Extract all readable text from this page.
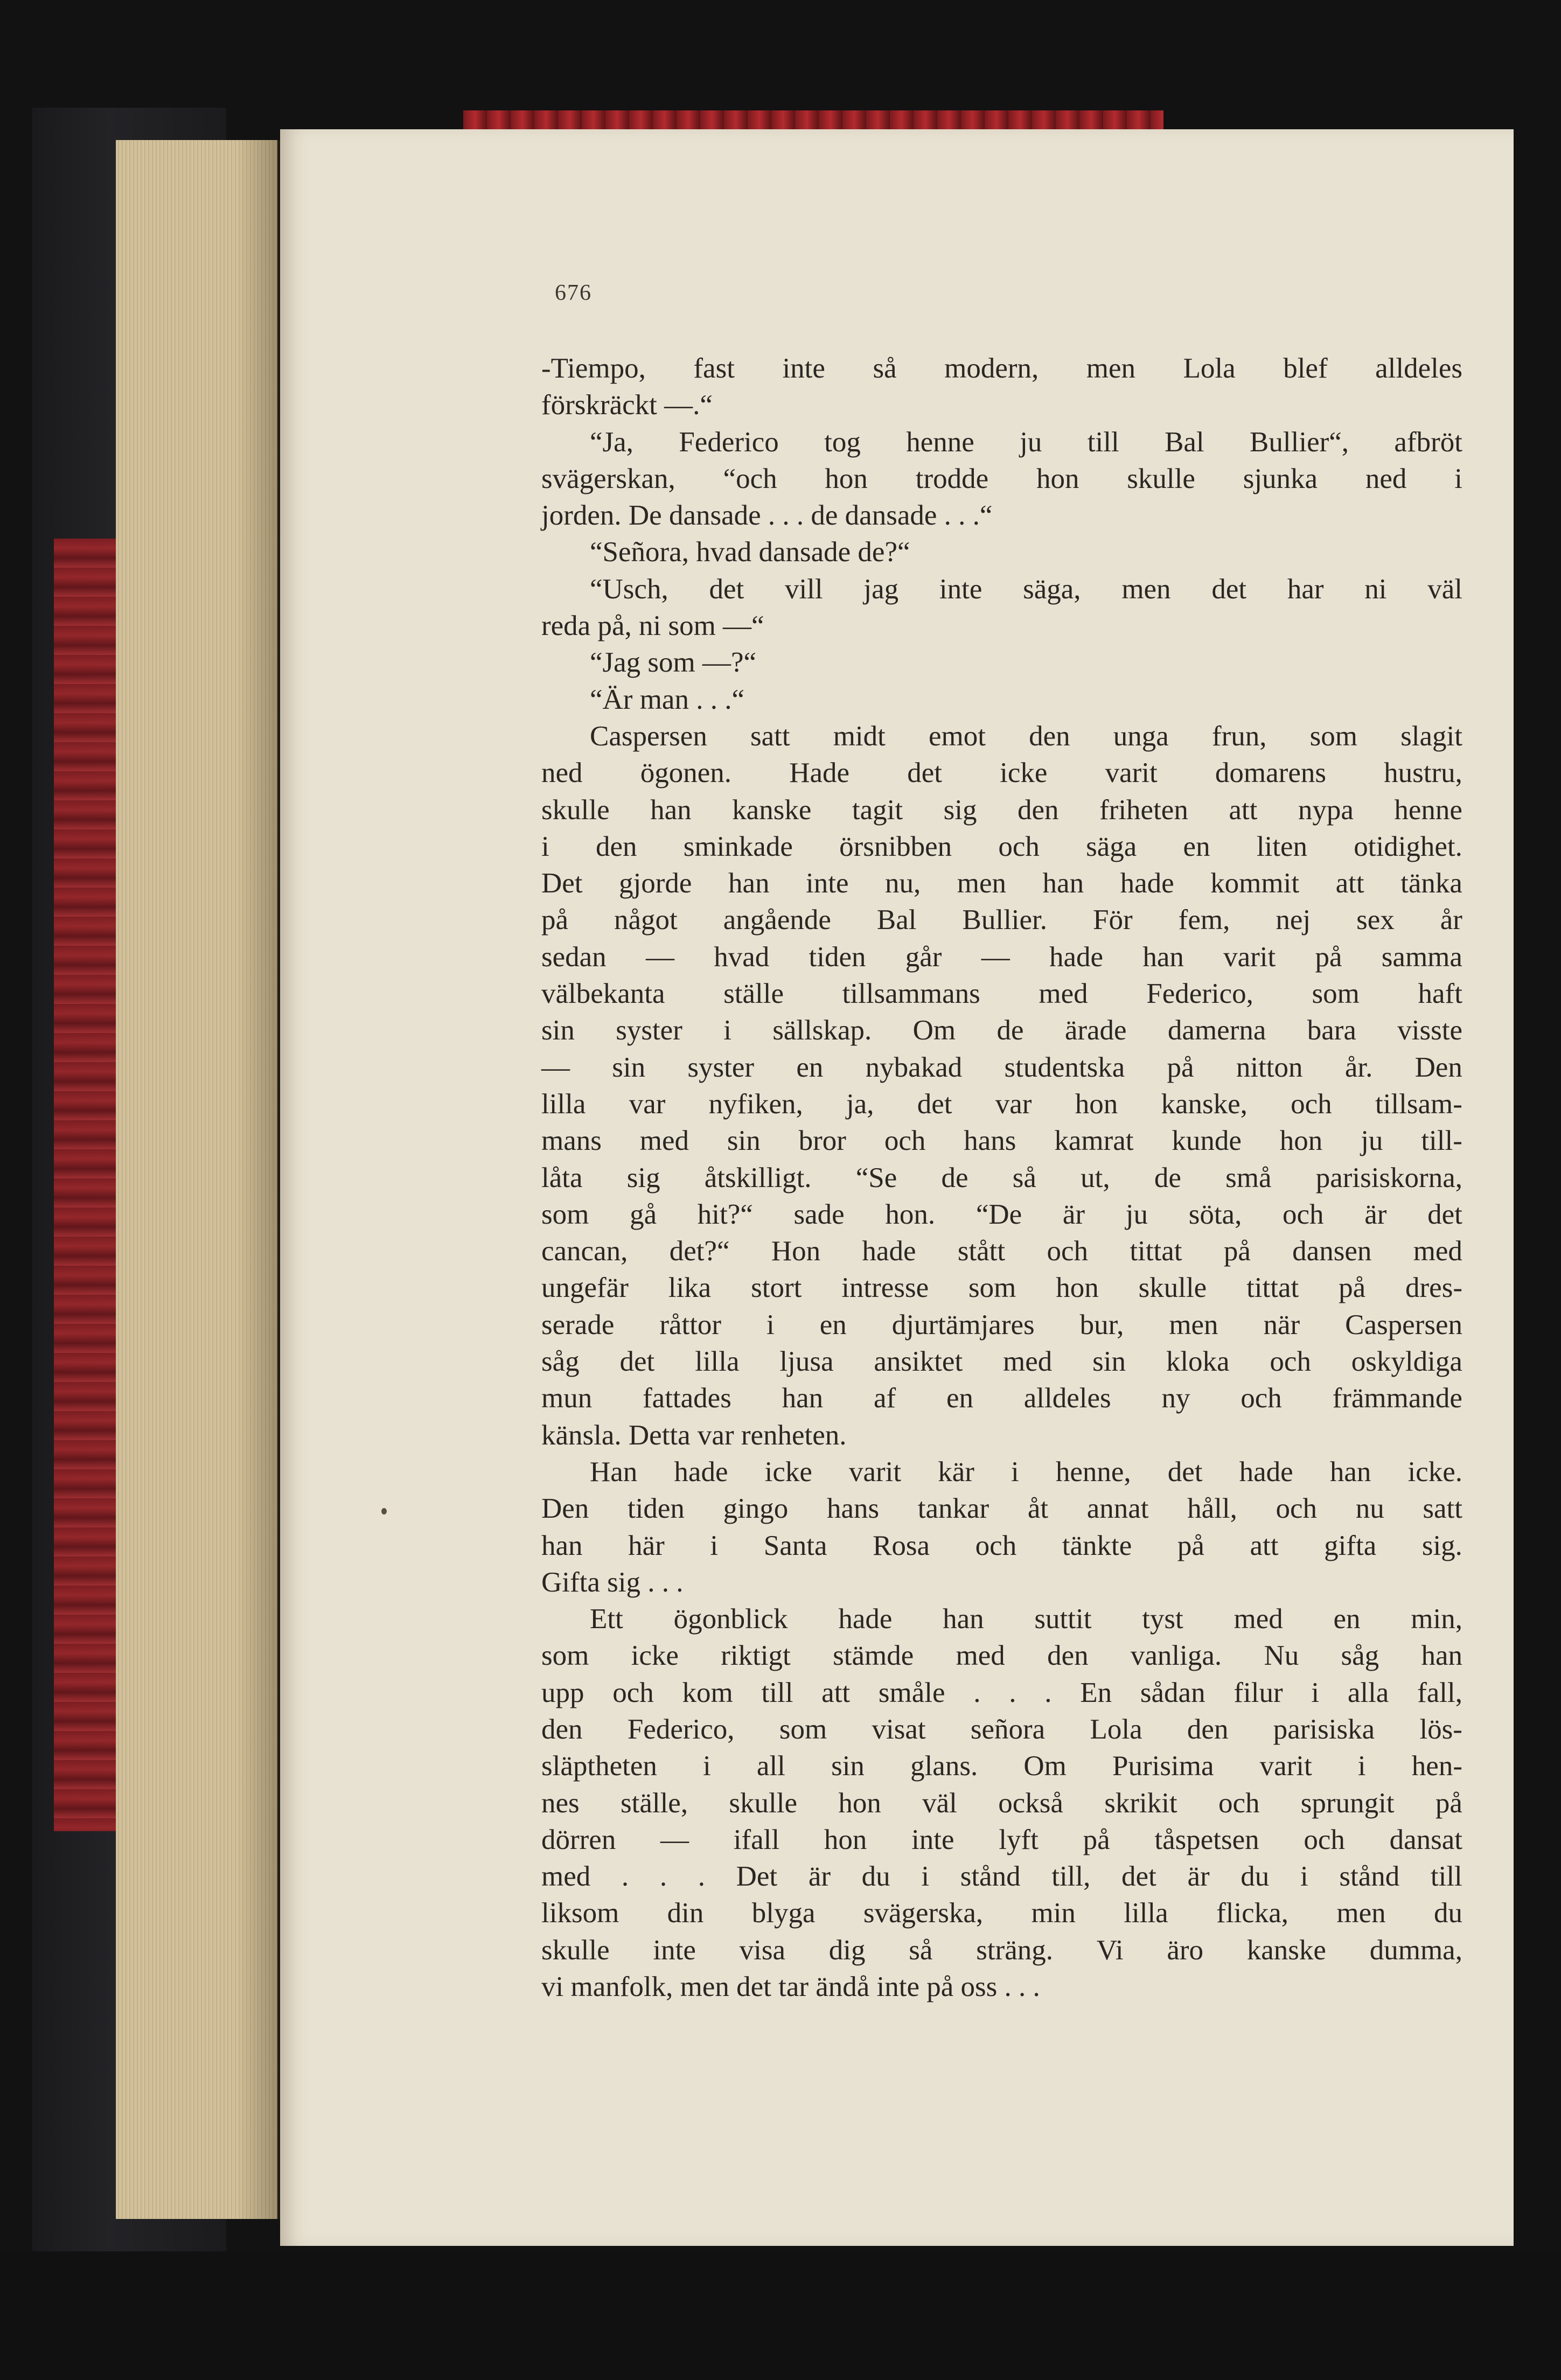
676
-Tiempo, fast inte så modern, men Lola blef alldeles
förskräckt —.“
“Ja, Federico tog henne ju till Bal Bullier“, afbröt
svägerskan, “och hon trodde hon skulle sjunka ned i
jorden. De dansade . . . de dansade . . .“
“Señora, hvad dansade de?“
“Usch, det vill jag inte säga, men det har ni väl
reda på, ni som —“
“Jag som —?“
“Är man . . .“
Caspersen satt midt emot den unga frun, som slagit
ned ögonen. Hade det icke varit domarens hustru,
skulle han kanske tagit sig den friheten att nypa henne
i den sminkade örsnibben och säga en liten otidighet.
Det gjorde han inte nu, men han hade kommit att tänka
på något angående Bal Bullier. För fem, nej sex år
sedan — hvad tiden går — hade han varit på samma
välbekanta ställe tillsammans med Federico, som haft
sin syster i sällskap. Om de ärade damerna bara visste
— sin syster en nybakad studentska på nitton år. Den
lilla var nyfiken, ja, det var hon kanske, och tillsam-
mans med sin bror och hans kamrat kunde hon ju till-
låta sig åtskilligt. “Se de så ut, de små parisiskorna,
som gå hit?“ sade hon. “De är ju söta, och är det
cancan, det?“ Hon hade stått och tittat på dansen med
ungefär lika stort intresse som hon skulle tittat på dres-
serade råttor i en djurtämjares bur, men när Caspersen
såg det lilla ljusa ansiktet med sin kloka och oskyldiga
mun fattades han af en alldeles ny och främmande
känsla. Detta var renheten.
Han hade icke varit kär i henne, det hade han icke.
Den tiden gingo hans tankar åt annat håll, och nu satt
han här i Santa Rosa och tänkte på att gifta sig.
Gifta sig . . .
Ett ögonblick hade han suttit tyst med en min,
som icke riktigt stämde med den vanliga. Nu såg han
upp och kom till att småle . . . En sådan filur i alla fall,
den Federico, som visat señora Lola den parisiska lös-
släptheten i all sin glans. Om Purisima varit i hen-
nes ställe, skulle hon väl också skrikit och sprungit på
dörren — ifall hon inte lyft på tåspetsen och dansat
med . . . Det är du i stånd till, det är du i stånd till
liksom din blyga svägerska, min lilla flicka, men du
skulle inte visa dig så sträng. Vi äro kanske dumma,
vi manfolk, men det tar ändå inte på oss . . .
